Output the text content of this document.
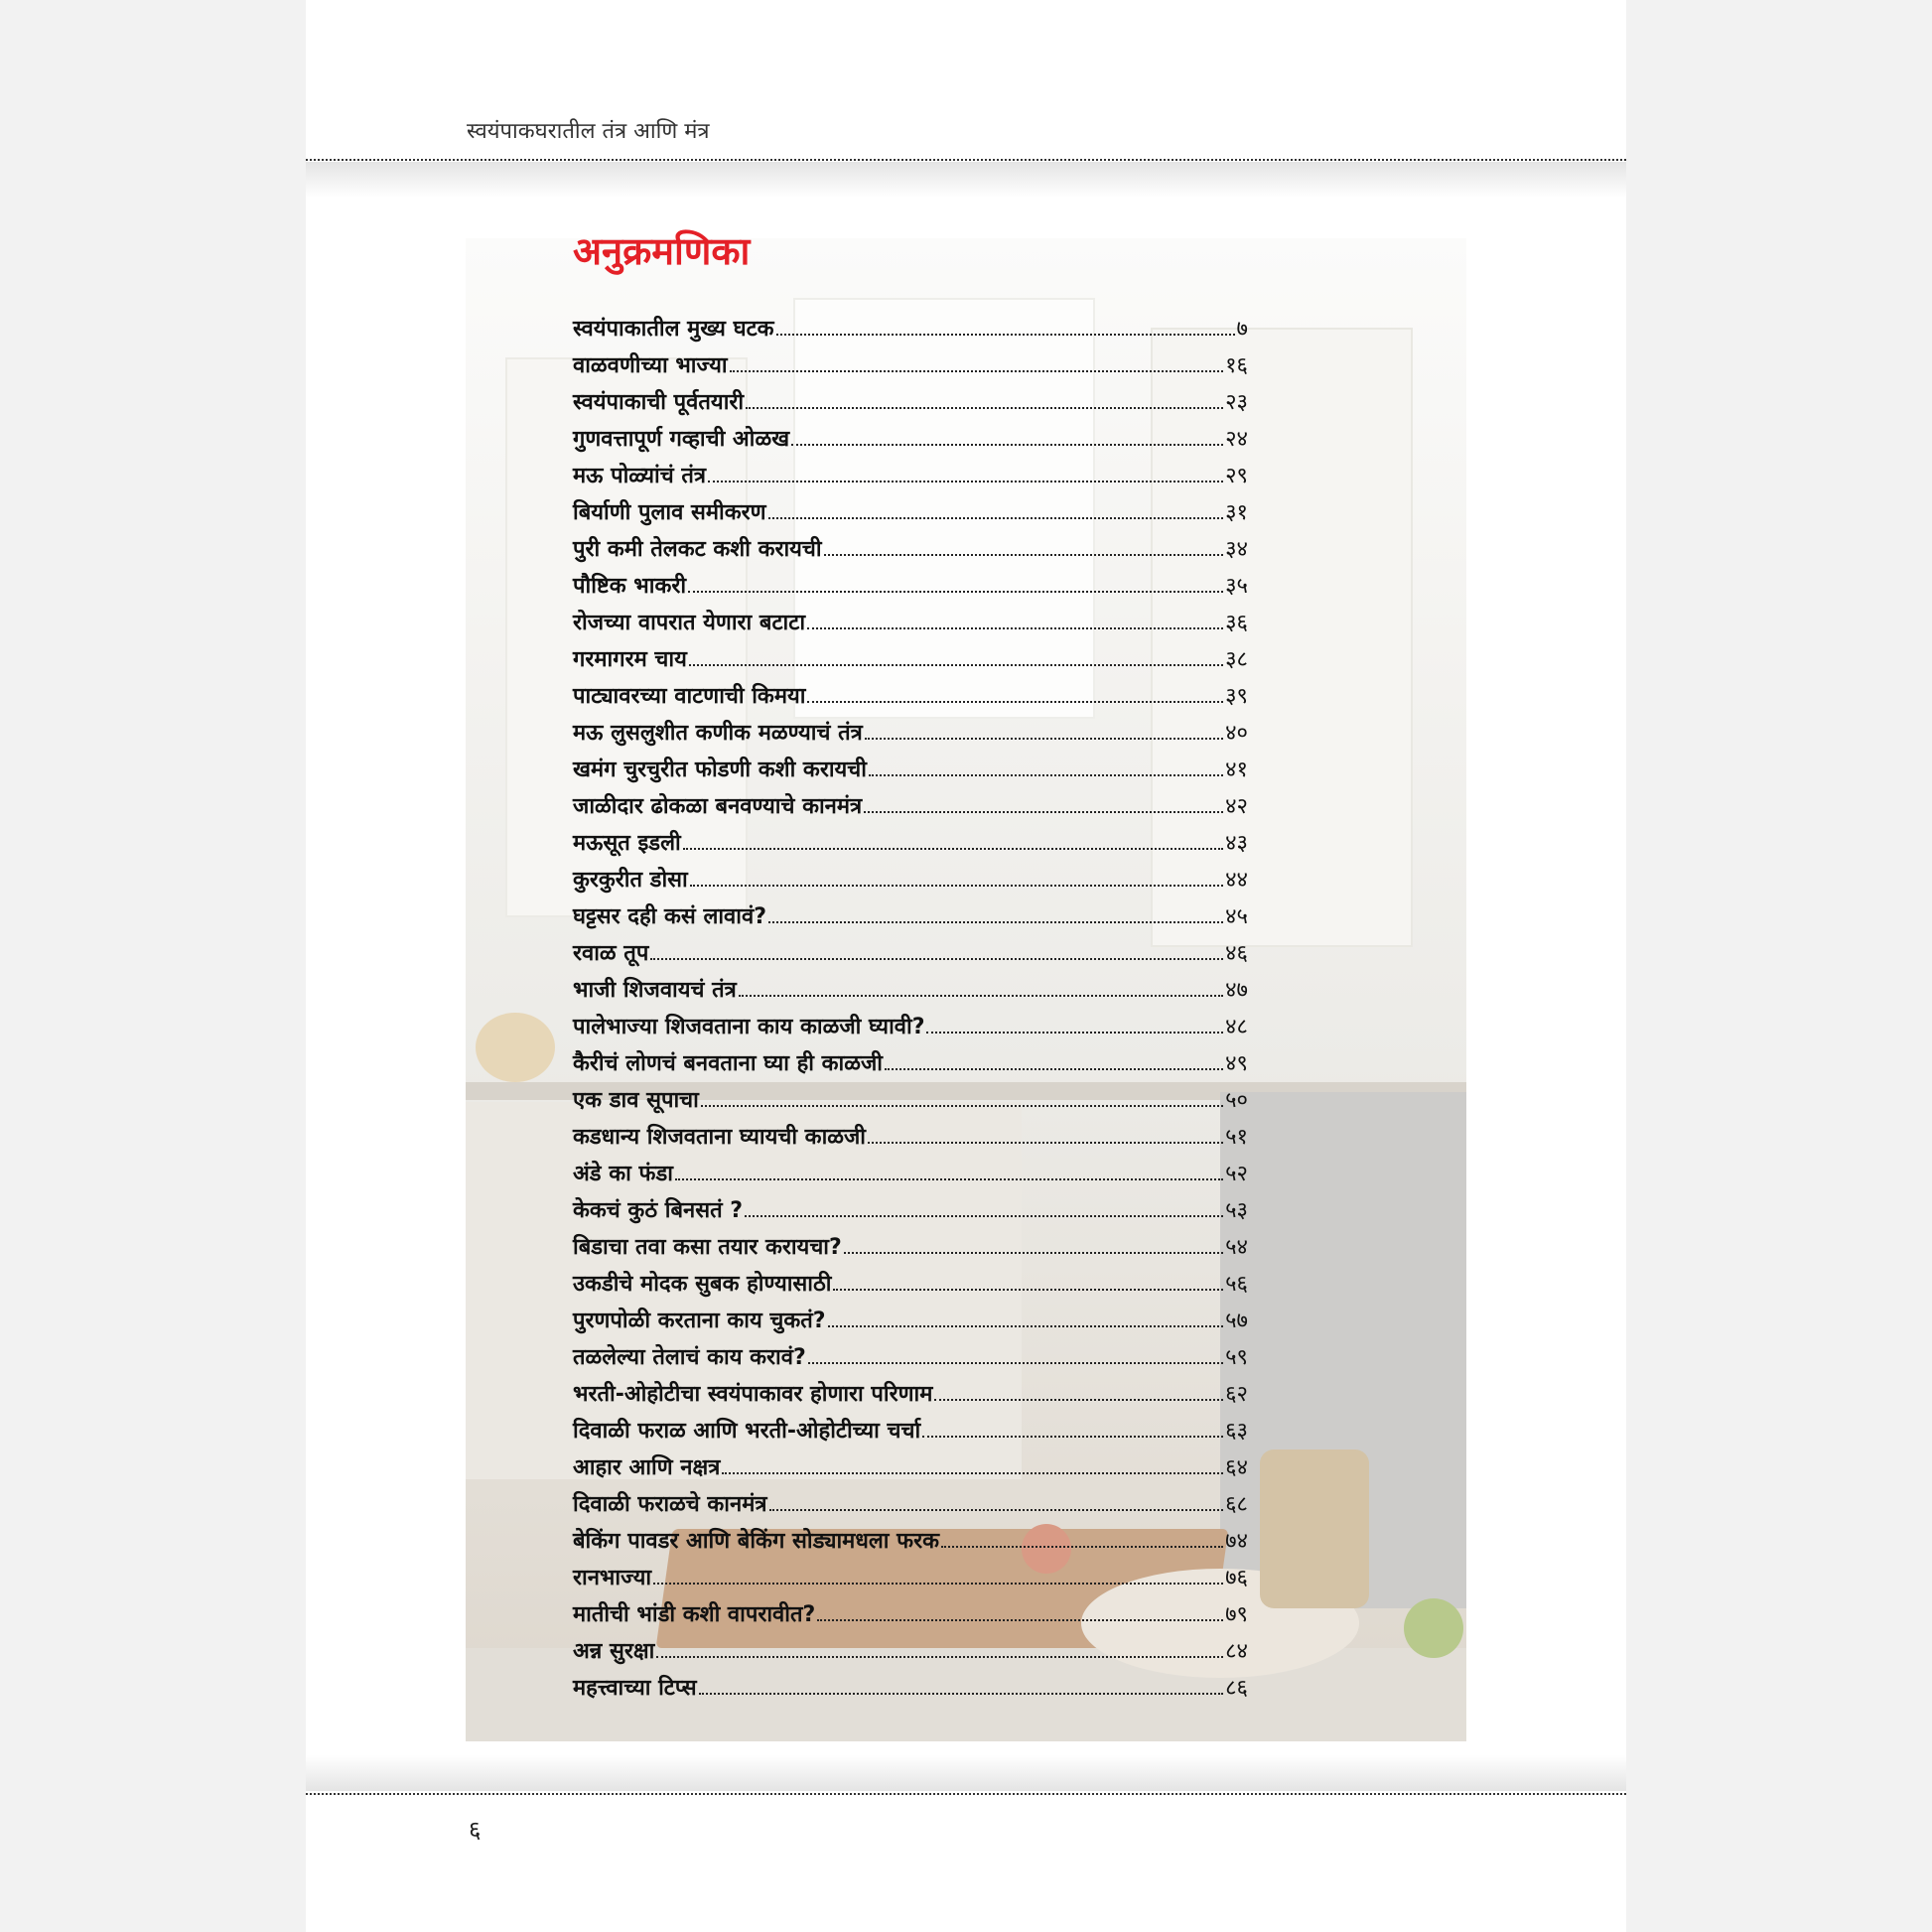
स्वयंपाकघरातील तंत्र आणि मंत्र
अनुक्रमणिका
स्वयंपाकातील मुख्य घटक	७
वाळवणीच्या भाज्या	१६
स्वयंपाकाची पूर्वतयारी	२३
गुणवत्तापूर्ण गव्हाची ओळख	२४
मऊ पोळ्यांचं तंत्र	२९
बिर्याणी पुलाव समीकरण	३१
पुरी कमी तेलकट कशी करायची	३४
पौष्टिक भाकरी	३५
रोजच्या वापरात येणारा बटाटा	३६
गरमागरम चाय	३८
पाट्यावरच्या वाटणाची किमया	३९
मऊ लुसलुशीत कणीक मळण्याचं तंत्र	४०
खमंग चुरचुरीत फोडणी कशी करायची	४१
जाळीदार ढोकळा बनवण्याचे कानमंत्र	४२
मऊसूत इडली	४३
कुरकुरीत डोसा	४४
घट्टसर दही कसं लावावं?	४५
रवाळ तूप	४६
भाजी शिजवायचं तंत्र	४७
पालेभाज्या शिजवताना काय काळजी घ्यावी?	४८
कैरीचं लोणचं बनवताना घ्या ही काळजी	४९
एक डाव सूपाचा	५०
कडधान्य शिजवताना घ्यायची काळजी	५१
अंडे का फंडा	५२
केकचं कुठं बिनसतं ?	५३
बिडाचा तवा कसा तयार करायचा?	५४
उकडीचे मोदक सुबक होण्यासाठी	५६
पुरणपोळी करताना काय चुकतं?	५७
तळलेल्या तेलाचं काय करावं?	५९
भरती-ओहोटीचा स्वयंपाकावर होणारा परिणाम	६२
दिवाळी फराळ आणि भरती-ओहोटीच्या चर्चा	६३
आहार आणि नक्षत्र	६४
दिवाळी फराळचे कानमंत्र	६८
बेकिंग पावडर आणि बेकिंग सोड्यामधला फरक	७४
रानभाज्या	७६
मातीची भांडी कशी वापरावीत?	७९
अन्न सुरक्षा	८४
महत्त्वाच्या टिप्स	८६
६
